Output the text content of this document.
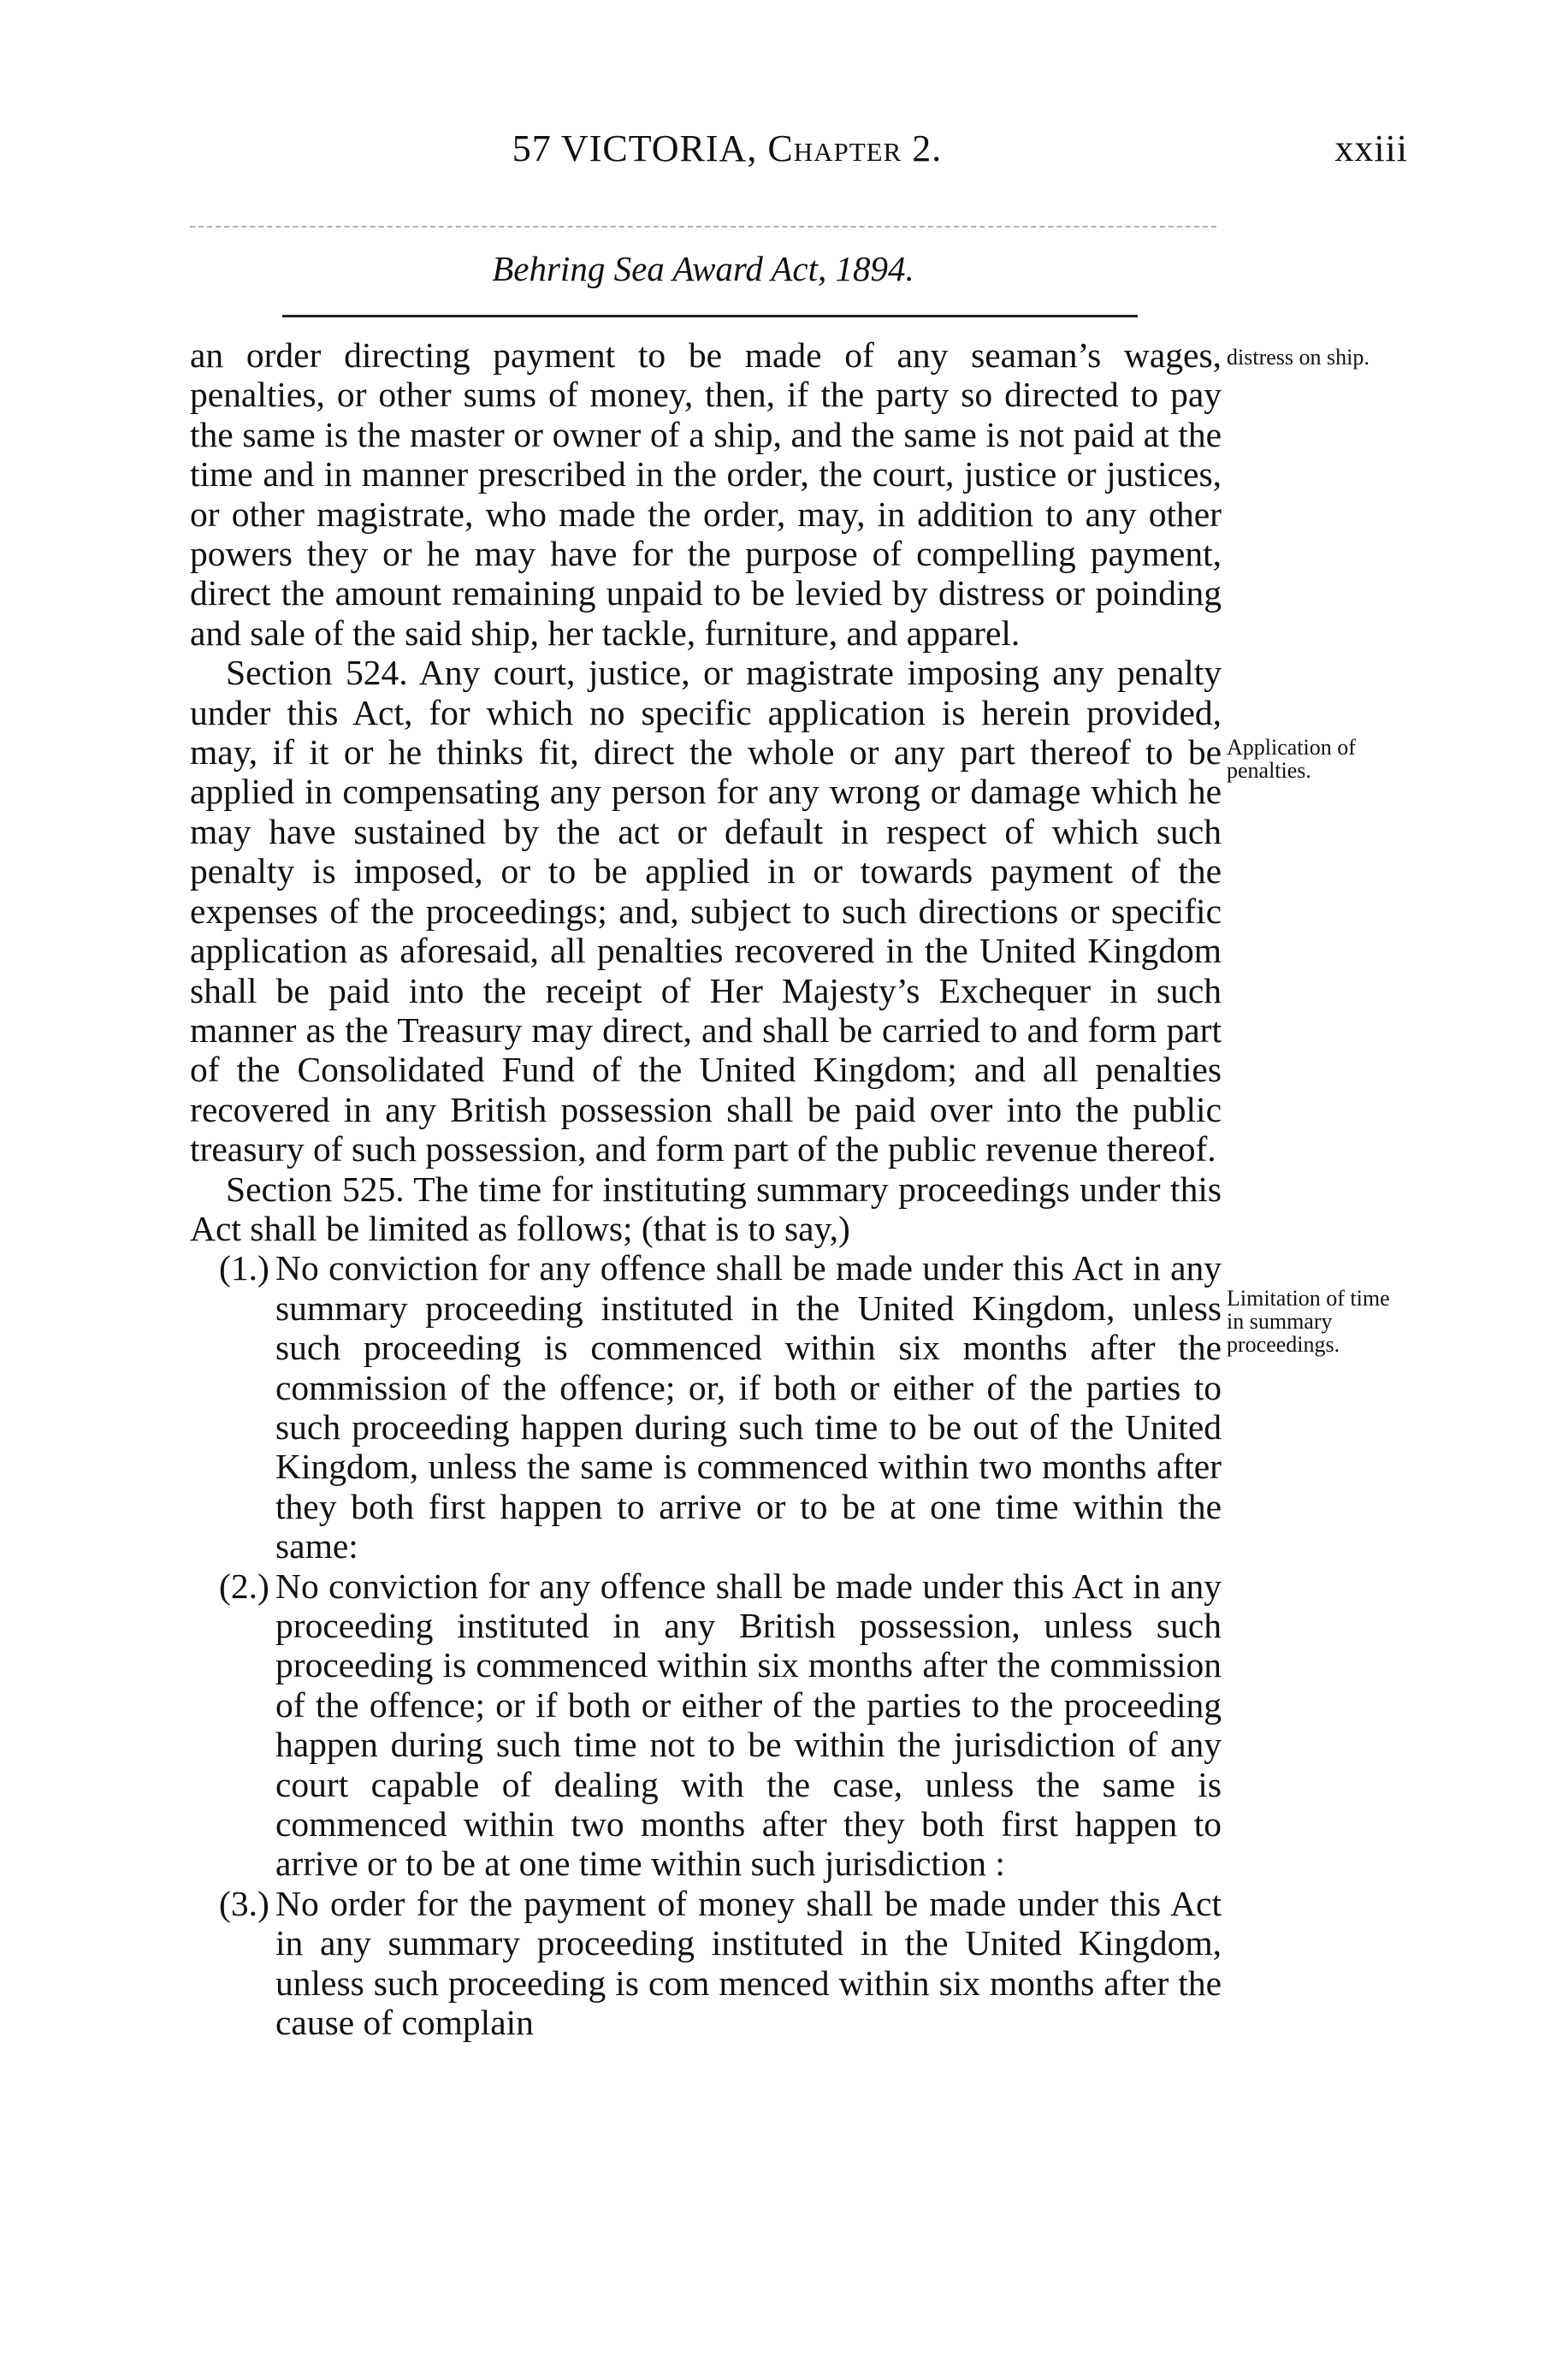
57 VICTORIA, Chapter 2.	xxiii
Behring Sea Award Act, 1894.

an order directing payment to be made of any seaman’s wages, penalties, or other sums of money, then, if the party so directed to pay the same is the master or owner of a ship, and the same is not paid at the time and in manner prescribed in the order, the court, justice or justices, or other magistrate, who made the order, may, in addition to any other powers they or he may have for the purpose of compelling payment, direct the amount remaining unpaid to be levied by distress or poinding and sale of the said ship, her tackle, furniture, and apparel.

Section 524. Any court, justice, or magistrate imposing any penalty under this Act, for which no specific application is herein provided, may, if it or he thinks fit, direct the whole or any part thereof to be applied in compensating any person for any wrong or damage which he may have sustained by the act or default in respect of which such penalty is imposed, or to be applied in or towards payment of the expenses of the proceedings; and, subject to such directions or specific application as aforesaid, all penalties recovered in the United Kingdom shall be paid into the receipt of Her Majesty’s Exchequer in such manner as the Treasury may direct, and shall be carried to and form part of the Consolidated Fund of the United Kingdom; and all penalties recovered in any British possession shall be paid over into the public treasury of such possession, and form part of the public revenue thereof.

Section 525. The time for instituting summary proceedings under this Act shall be limited as follows; (that is to say,)

(1.) No conviction for any offence shall be made under this Act in any summary proceeding instituted in the United Kingdom, unless such proceeding is commenced within six months after the commission of the offence; or, if both or either of the parties to such proceeding happen during such time to be out of the United Kingdom, unless the same is commenced within two months after they both first happen to arrive or to be at one time within the same:
(2.) No conviction for any offence shall be made under this Act in any proceeding instituted in any British possession, unless such proceeding is commenced within six months after the commission of the offence; or if both or either of the parties to the proceeding happen during such time not to be within the jurisdiction of any court capable of dealing with the case, unless the same is commenced within two months after they both first happen to arrive or to be at one time within such jurisdiction :
(3.) No order for the payment of money shall be made under this Act in any summary proceeding instituted in the United Kingdom, unless such proceeding is com menced within six months after the cause of complain
distress on ship.
Application of penalties.
Limitation of time in summary proceedings.
